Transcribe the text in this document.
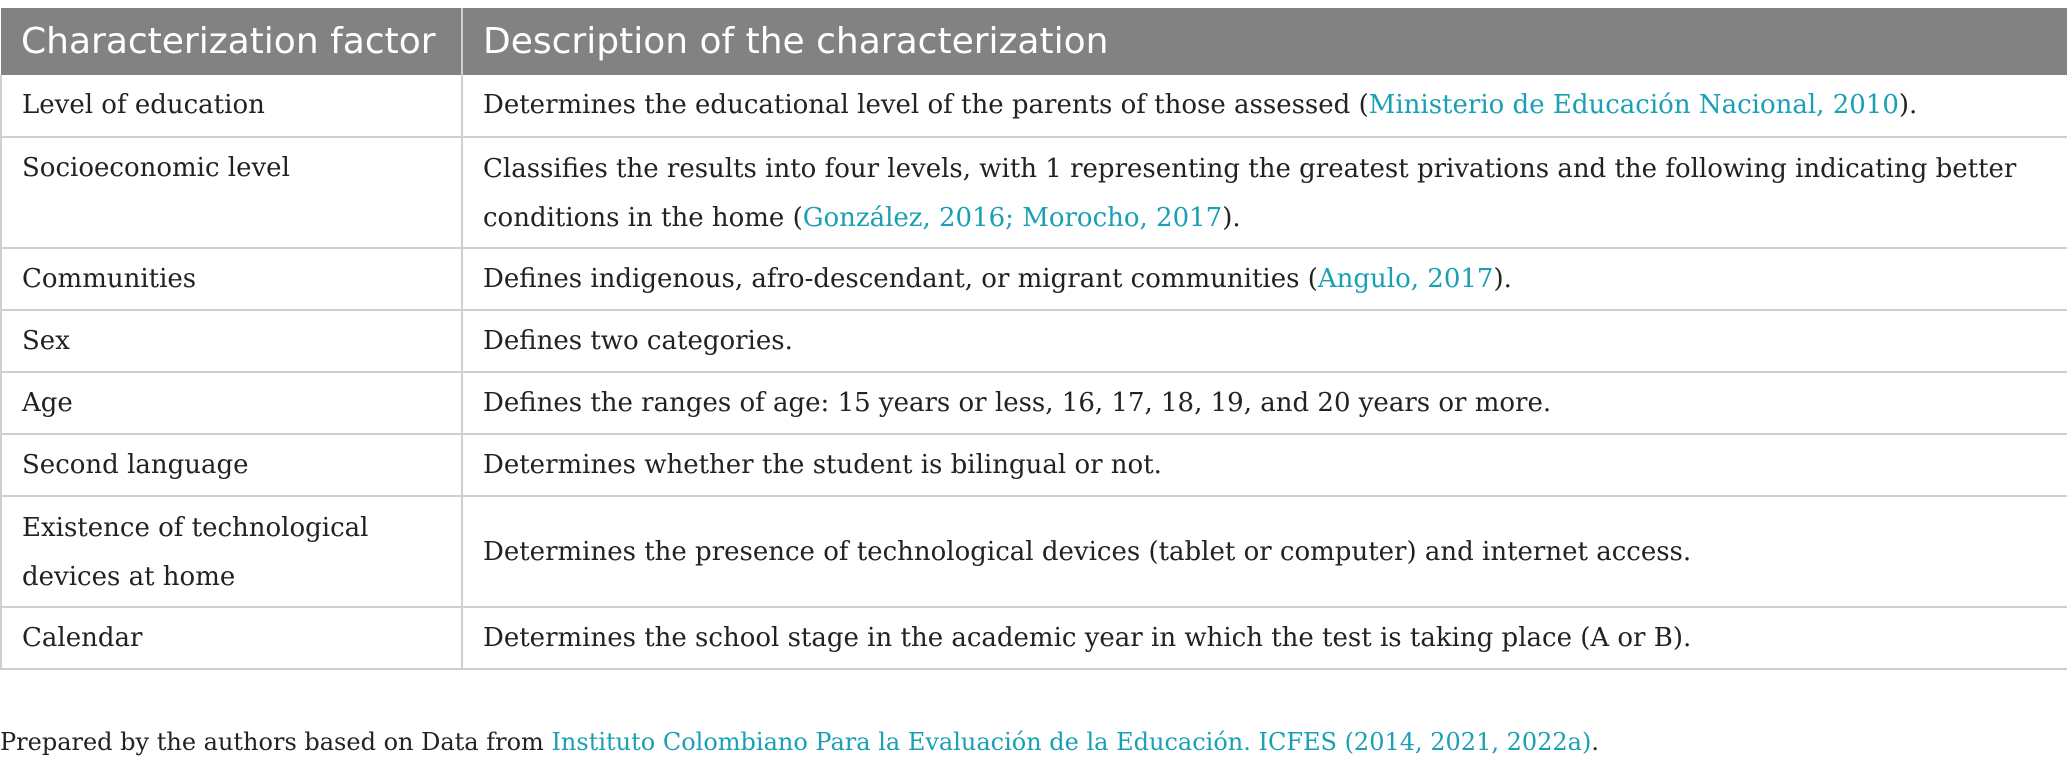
Characterization factor	Description of the characterization
Level of education	Determines the educational level of the parents of those assessed (Ministerio de Educación Nacional, 2010).
Socioeconomic level	Classifies the results into four levels, with 1 representing the greatest privations and the following indicating better conditions in the home (González, 2016; Morocho, 2017).
Communities	Defines indigenous, afro-descendant, or migrant communities (Angulo, 2017).
Sex	Defines two categories.
Age	Defines the ranges of age: 15 years or less, 16, 17, 18, 19, and 20 years or more.
Second language	Determines whether the student is bilingual or not.
Existence of technological devices at home	Determines the presence of technological devices (tablet or computer) and internet access.
Calendar	Determines the school stage in the academic year in which the test is taking place (A or B).
Prepared by the authors based on Data from Instituto Colombiano Para la Evaluación de la Educación. ICFES (2014, 2021, 2022a).
